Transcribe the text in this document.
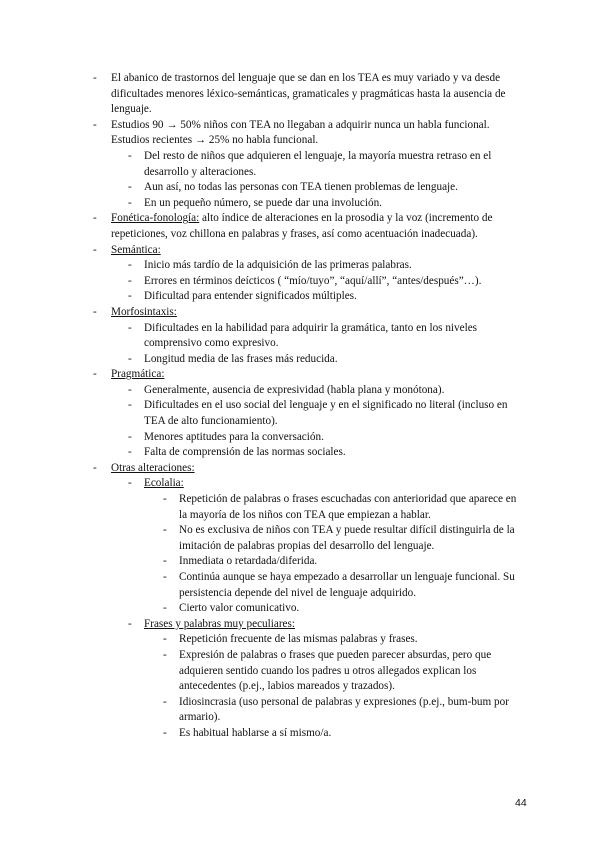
- El abanico de trastornos del lenguaje que se dan en los TEA es muy variado y va desde dificultades menores léxico-semánticas, gramaticales y pragmáticas hasta la ausencia de lenguaje.
- Estudios 90 → 50% niños con TEA no llegaban a adquirir nunca un habla funcional. Estudios recientes → 25% no habla funcional.
- Del resto de niños que adquieren el lenguaje, la mayoría muestra retraso en el desarrollo y alteraciones.
- Aun así, no todas las personas con TEA tienen problemas de lenguaje.
- En un pequeño número, se puede dar una involución.
- Fonética-fonología: alto índice de alteraciones en la prosodia y la voz (incremento de repeticiones, voz chillona en palabras y frases, así como acentuación inadecuada).
- Semántica:
- Inicio más tardío de la adquisición de las primeras palabras.
- Errores en términos deícticos ( “mío/tuyo”, “aquí/allí”, “antes/después”…).
- Dificultad para entender significados múltiples.
- Morfosintaxis:
- Dificultades en la habilidad para adquirir la gramática, tanto en los niveles comprensivo como expresivo.
- Longitud media de las frases más reducida.
- Pragmática:
- Generalmente, ausencia de expresividad (habla plana y monótona).
- Dificultades en el uso social del lenguaje y en el significado no literal (incluso en TEA de alto funcionamiento).
- Menores aptitudes para la conversación.
- Falta de comprensión de las normas sociales.
- Otras alteraciones:
- Ecolalia:
- Repetición de palabras o frases escuchadas con anterioridad que aparece en la mayoría de los niños con TEA que empiezan a hablar.
- No es exclusiva de niños con TEA y puede resultar difícil distinguirla de la imitación de palabras propias del desarrollo del lenguaje.
- Inmediata o retardada/diferida.
- Continúa aunque se haya empezado a desarrollar un lenguaje funcional. Su persistencia depende del nivel de lenguaje adquirido.
- Cierto valor comunicativo.
- Frases y palabras muy peculiares:
- Repetición frecuente de las mismas palabras y frases.
- Expresión de palabras o frases que pueden parecer absurdas, pero que adquieren sentido cuando los padres u otros allegados explican los antecedentes (p.ej., labios mareados y trazados).
- Idiosincrasia (uso personal de palabras y expresiones (p.ej., bum-bum por armario).
- Es habitual hablarse a sí mismo/a.
44
